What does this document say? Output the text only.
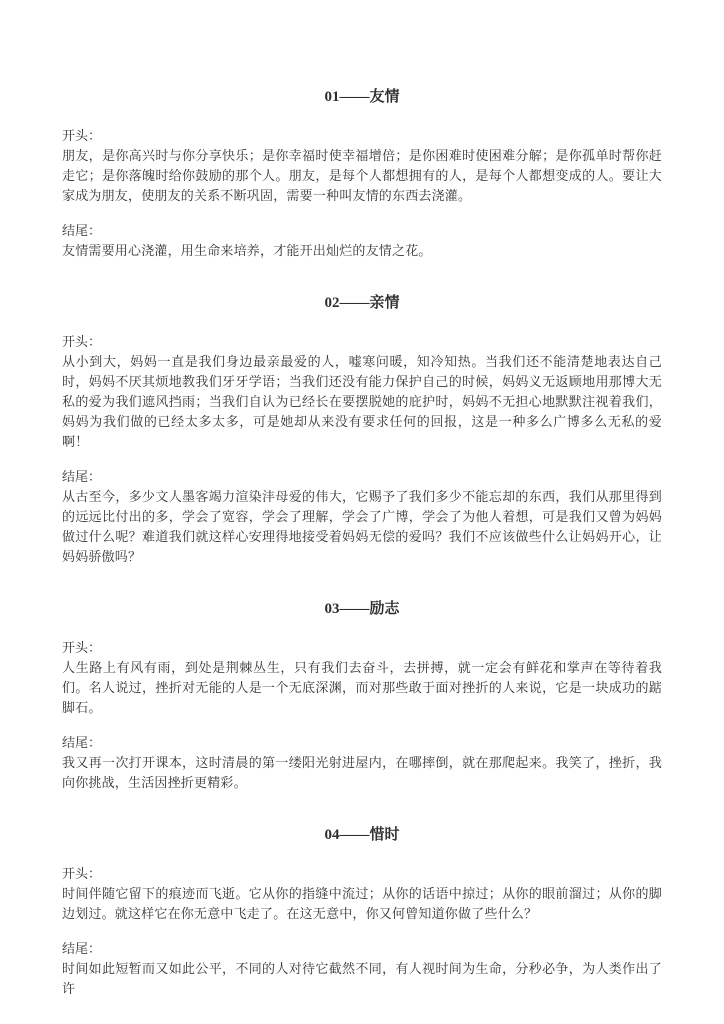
01——友情

开头：

朋友，是你高兴时与你分享快乐；是你幸福时使幸福增倍；是你困难时使困难分解；是你孤单时帮你赶走它；是你落魄时给你鼓励的那个人。朋友，是每个人都想拥有的人，是每个人都想变成的人。要让大家成为朋友，使朋友的关系不断巩固，需要一种叫友情的东西去浇灌。

结尾：

友情需要用心浇灌，用生命来培养，才能开出灿烂的友情之花。

02——亲情

开头：

从小到大，妈妈一直是我们身边最亲最爱的人，嘘寒问暖，知冷知热。当我们还不能清楚地表达自己时，妈妈不厌其烦地教我们牙牙学语；当我们还没有能力保护自己的时候，妈妈义无返顾地用那博大无私的爱为我们遮风挡雨；当我们自认为已经长在要摆脱她的庇护时，妈妈不无担心地默默注视着我们，妈妈为我们做的已经太多太多，可是她却从来没有要求任何的回报，这是一种多么广博多么无私的爱啊！

结尾：

从古至今，多少文人墨客竭力渲染沣母爱的伟大，它赐予了我们多少不能忘却的东西，我们从那里得到的远远比付出的多，学会了宽容，学会了理解，学会了广博，学会了为他人着想，可是我们又曾为妈妈做过什么呢？难道我们就这样心安理得地接受着妈妈无偿的爱吗？我们不应该做些什么让妈妈开心，让妈妈骄傲吗？

03——励志

开头：

人生路上有风有雨，到处是荆棘丛生，只有我们去奋斗，去拼搏，就一定会有鲜花和掌声在等待着我们。名人说过，挫折对无能的人是一个无底深渊，而对那些敢于面对挫折的人来说，它是一块成功的踮脚石。

结尾：

我又再一次打开课本，这时清晨的第一缕阳光射进屋内，在哪摔倒，就在那爬起来。我笑了，挫折，我向你挑战，生活因挫折更精彩。

04——惜时

开头：

时间伴随它留下的痕迹而飞逝。它从你的指缝中流过；从你的话语中掠过；从你的眼前溜过；从你的脚边划过。就这样它在你无意中飞走了。在这无意中，你又何曾知道你做了些什么？

结尾：

时间如此短暂而又如此公平，不同的人对待它截然不同，有人视时间为生命，分秒必争，为人类作出了许
